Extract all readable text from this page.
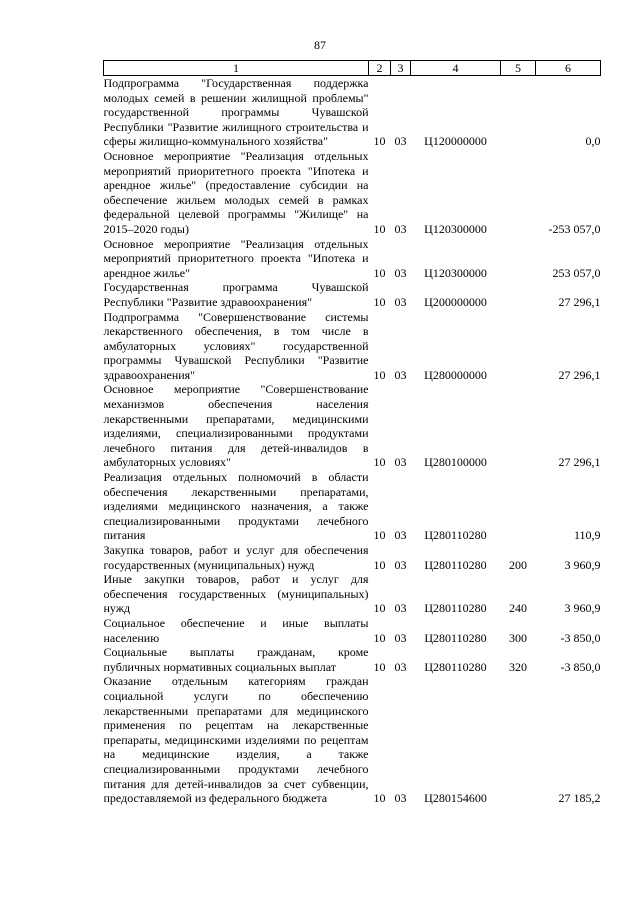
87
1	2	3	4	5	6
Подпрограмма "Государственная поддержка молодых семей в решении жилищной проблемы" государственной программы Чувашской Республики "Развитие жилищного строительства и сферы жилищно-коммунального хозяйства"	10	03	Ц120000000		0,0
Основное мероприятие "Реализация отдельных мероприятий приоритетного проекта "Ипотека и арендное жилье" (предоставление субсидии на обеспечение жильем молодых семей в рамках федеральной целевой программы "Жилище" на 2015–2020 годы)	10	03	Ц120300000		-253 057,0
Основное мероприятие "Реализация отдельных мероприятий приоритетного проекта "Ипотека и арендное жилье"	10	03	Ц120300000		253 057,0
Государственная программа Чувашской Республики "Развитие здравоохранения"	10	03	Ц200000000		27 296,1
Подпрограмма "Совершенствование системы лекарственного обеспечения, в том числе в амбулаторных условиях" государственной программы Чувашской Республики "Развитие здравоохранения"	10	03	Ц280000000		27 296,1
Основное мероприятие "Совершенствование механизмов обеспечения населения лекарственными препаратами, медицинскими изделиями, специализированными продуктами лечебного питания для детей-инвалидов в амбулаторных условиях"	10	03	Ц280100000		27 296,1
Реализация отдельных полномочий в области обеспечения лекарственными препаратами, изделиями медицинского назначения, а также специализированными продуктами лечебного питания	10	03	Ц280110280		110,9
Закупка товаров, работ и услуг для обеспечения государственных (муниципальных) нужд	10	03	Ц280110280	200	3 960,9
Иные закупки товаров, работ и услуг для обеспечения государственных (муниципальных) нужд	10	03	Ц280110280	240	3 960,9
Социальное обеспечение и иные выплаты населению	10	03	Ц280110280	300	-3 850,0
Социальные выплаты гражданам, кроме публичных нормативных социальных выплат	10	03	Ц280110280	320	-3 850,0
Оказание отдельным категориям граждан социальной услуги по обеспечению лекарственными препаратами для медицинского применения по рецептам на лекарственные препараты, медицинскими изделиями по рецептам на медицинские изделия, а также специализированными продуктами лечебного питания для детей-инвалидов за счет субвенции, предоставляемой из федерального бюджета	10	03	Ц280154600		27 185,2
